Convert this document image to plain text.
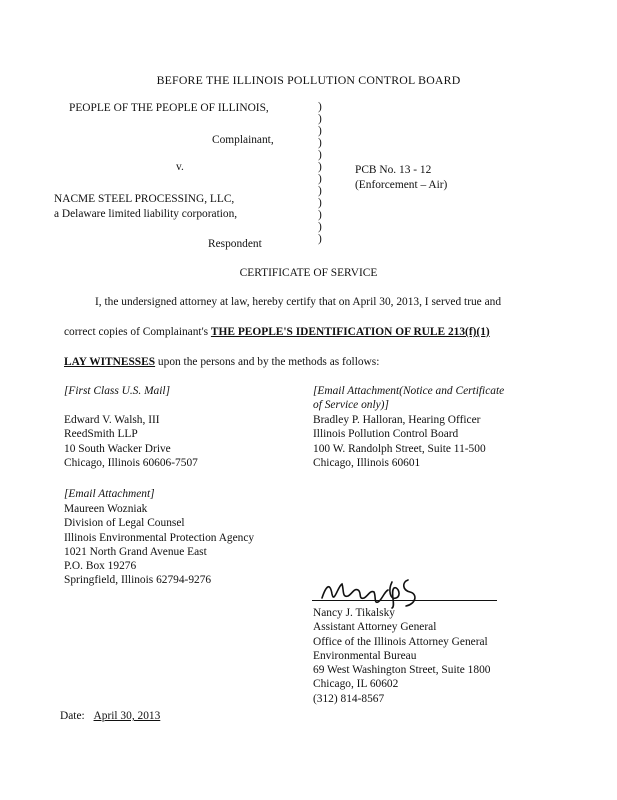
BEFORE THE ILLINOIS POLLUTION CONTROL BOARD
PEOPLE OF THE PEOPLE OF ILLINOIS,
Complainant,
v.
NACME STEEL PROCESSING, LLC,
a Delaware limited liability corporation,
Respondent
)
)
)
)
)
)
)
)
)
)
)
)
PCB No. 13 - 12
(Enforcement – Air)
CERTIFICATE OF SERVICE
I, the undersigned attorney at law, hereby certify that on April 30, 2013, I served true and
correct copies of Complainant's THE PEOPLE'S IDENTIFICATION OF RULE 213(f)(1)
LAY WITNESSES upon the persons and by the methods as follows:
[First Class U.S. Mail]
Edward V. Walsh, III
ReedSmith LLP
10 South Wacker Drive
Chicago, Illinois 60606-7507
[Email Attachment(Notice and Certificate
of Service only)]
Bradley P. Halloran, Hearing Officer
Illinois Pollution Control Board
100 W. Randolph Street, Suite 11-500
Chicago, Illinois 60601
[Email Attachment]
Maureen Wozniak
Division of Legal Counsel
Illinois Environmental Protection Agency
1021 North Grand Avenue East
P.O. Box 19276
Springfield, Illinois 62794-9276
Nancy J. Tikalsky
Assistant Attorney General
Office of the Illinois Attorney General
Environmental Bureau
69 West Washington Street, Suite 1800
Chicago, IL 60602
(312) 814-8567
Date: April 30, 2013
